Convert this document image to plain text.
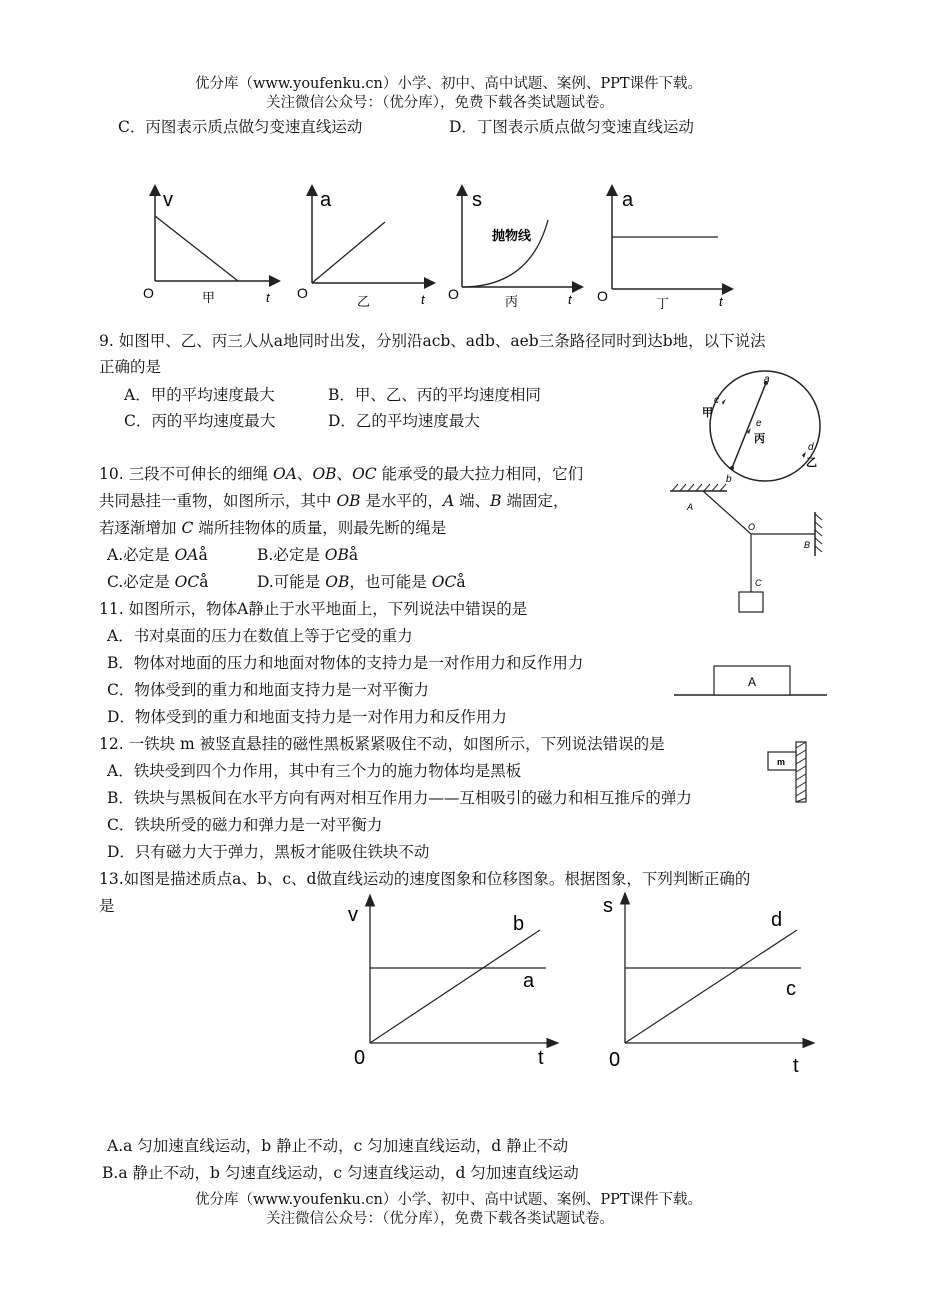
优分库（www.youfenku.cn）小学、初中、高中试题、案例、PPT课件下载。
关注微信公众号：（优分库），免费下载各类试题试卷。
C．丙图表示质点做匀变速直线运动	D．丁图表示质点做匀变速直线运动
v
O	t
甲
a
O	t
乙
s
O	t
丙
抛物线
a
O	t
丁
9. 如图甲、乙、丙三人从a地同时出发，分别沿acb、adb、aeb三条路径同时到达b地，以下说法
正确的是
A．甲的平均速度最大	B．甲、乙、丙的平均速度相同
C．丙的平均速度最大	D．乙的平均速度最大
a
b
c
d
e
甲
乙
丙
10. 三段不可伸长的细绳 OA、OB、OC 能承受的最大拉力相同，它们
共同悬挂一重物，如图所示，其中 OB 是水平的，A 端、B 端固定，
若逐渐增加 C 端所挂物体的质量，则最先断的绳是
A.必定是 OAå	B.必定是 OBå
C.必定是 OCå	D.可能是 OB，也可能是 OCå
A
O
B
C
11. 如图所示，物体A静止于水平地面上，下列说法中错误的是
A．书对桌面的压力在数值上等于它受的重力
B．物体对地面的压力和地面对物体的支持力是一对作用力和反作用力
C．物体受到的重力和地面支持力是一对平衡力
D．物体受到的重力和地面支持力是一对作用力和反作用力
A
12. 一铁块 m 被竖直悬挂的磁性黑板紧紧吸住不动，如图所示，下列说法错误的是
A．铁块受到四个力作用，其中有三个力的施力物体均是黑板
B．铁块与黑板间在水平方向有两对相互作用力——互相吸引的磁力和相互推斥的弹力
C．铁块所受的磁力和弹力是一对平衡力
D．只有磁力大于弹力，黑板才能吸住铁块不动
m
13.如图是描述质点a、b、c、d做直线运动的速度图象和位移图象。根据图象，下列判断正确的
是	v
0	t
b
a
s
0	t
d
c
A.a 匀加速直线运动，b 静止不动，c 匀加速直线运动，d 静止不动
B.a 静止不动，b 匀速直线运动，c 匀速直线运动，d 匀加速直线运动
优分库（www.youfenku.cn）小学、初中、高中试题、案例、PPT课件下载。
关注微信公众号：（优分库），免费下载各类试题试卷。
